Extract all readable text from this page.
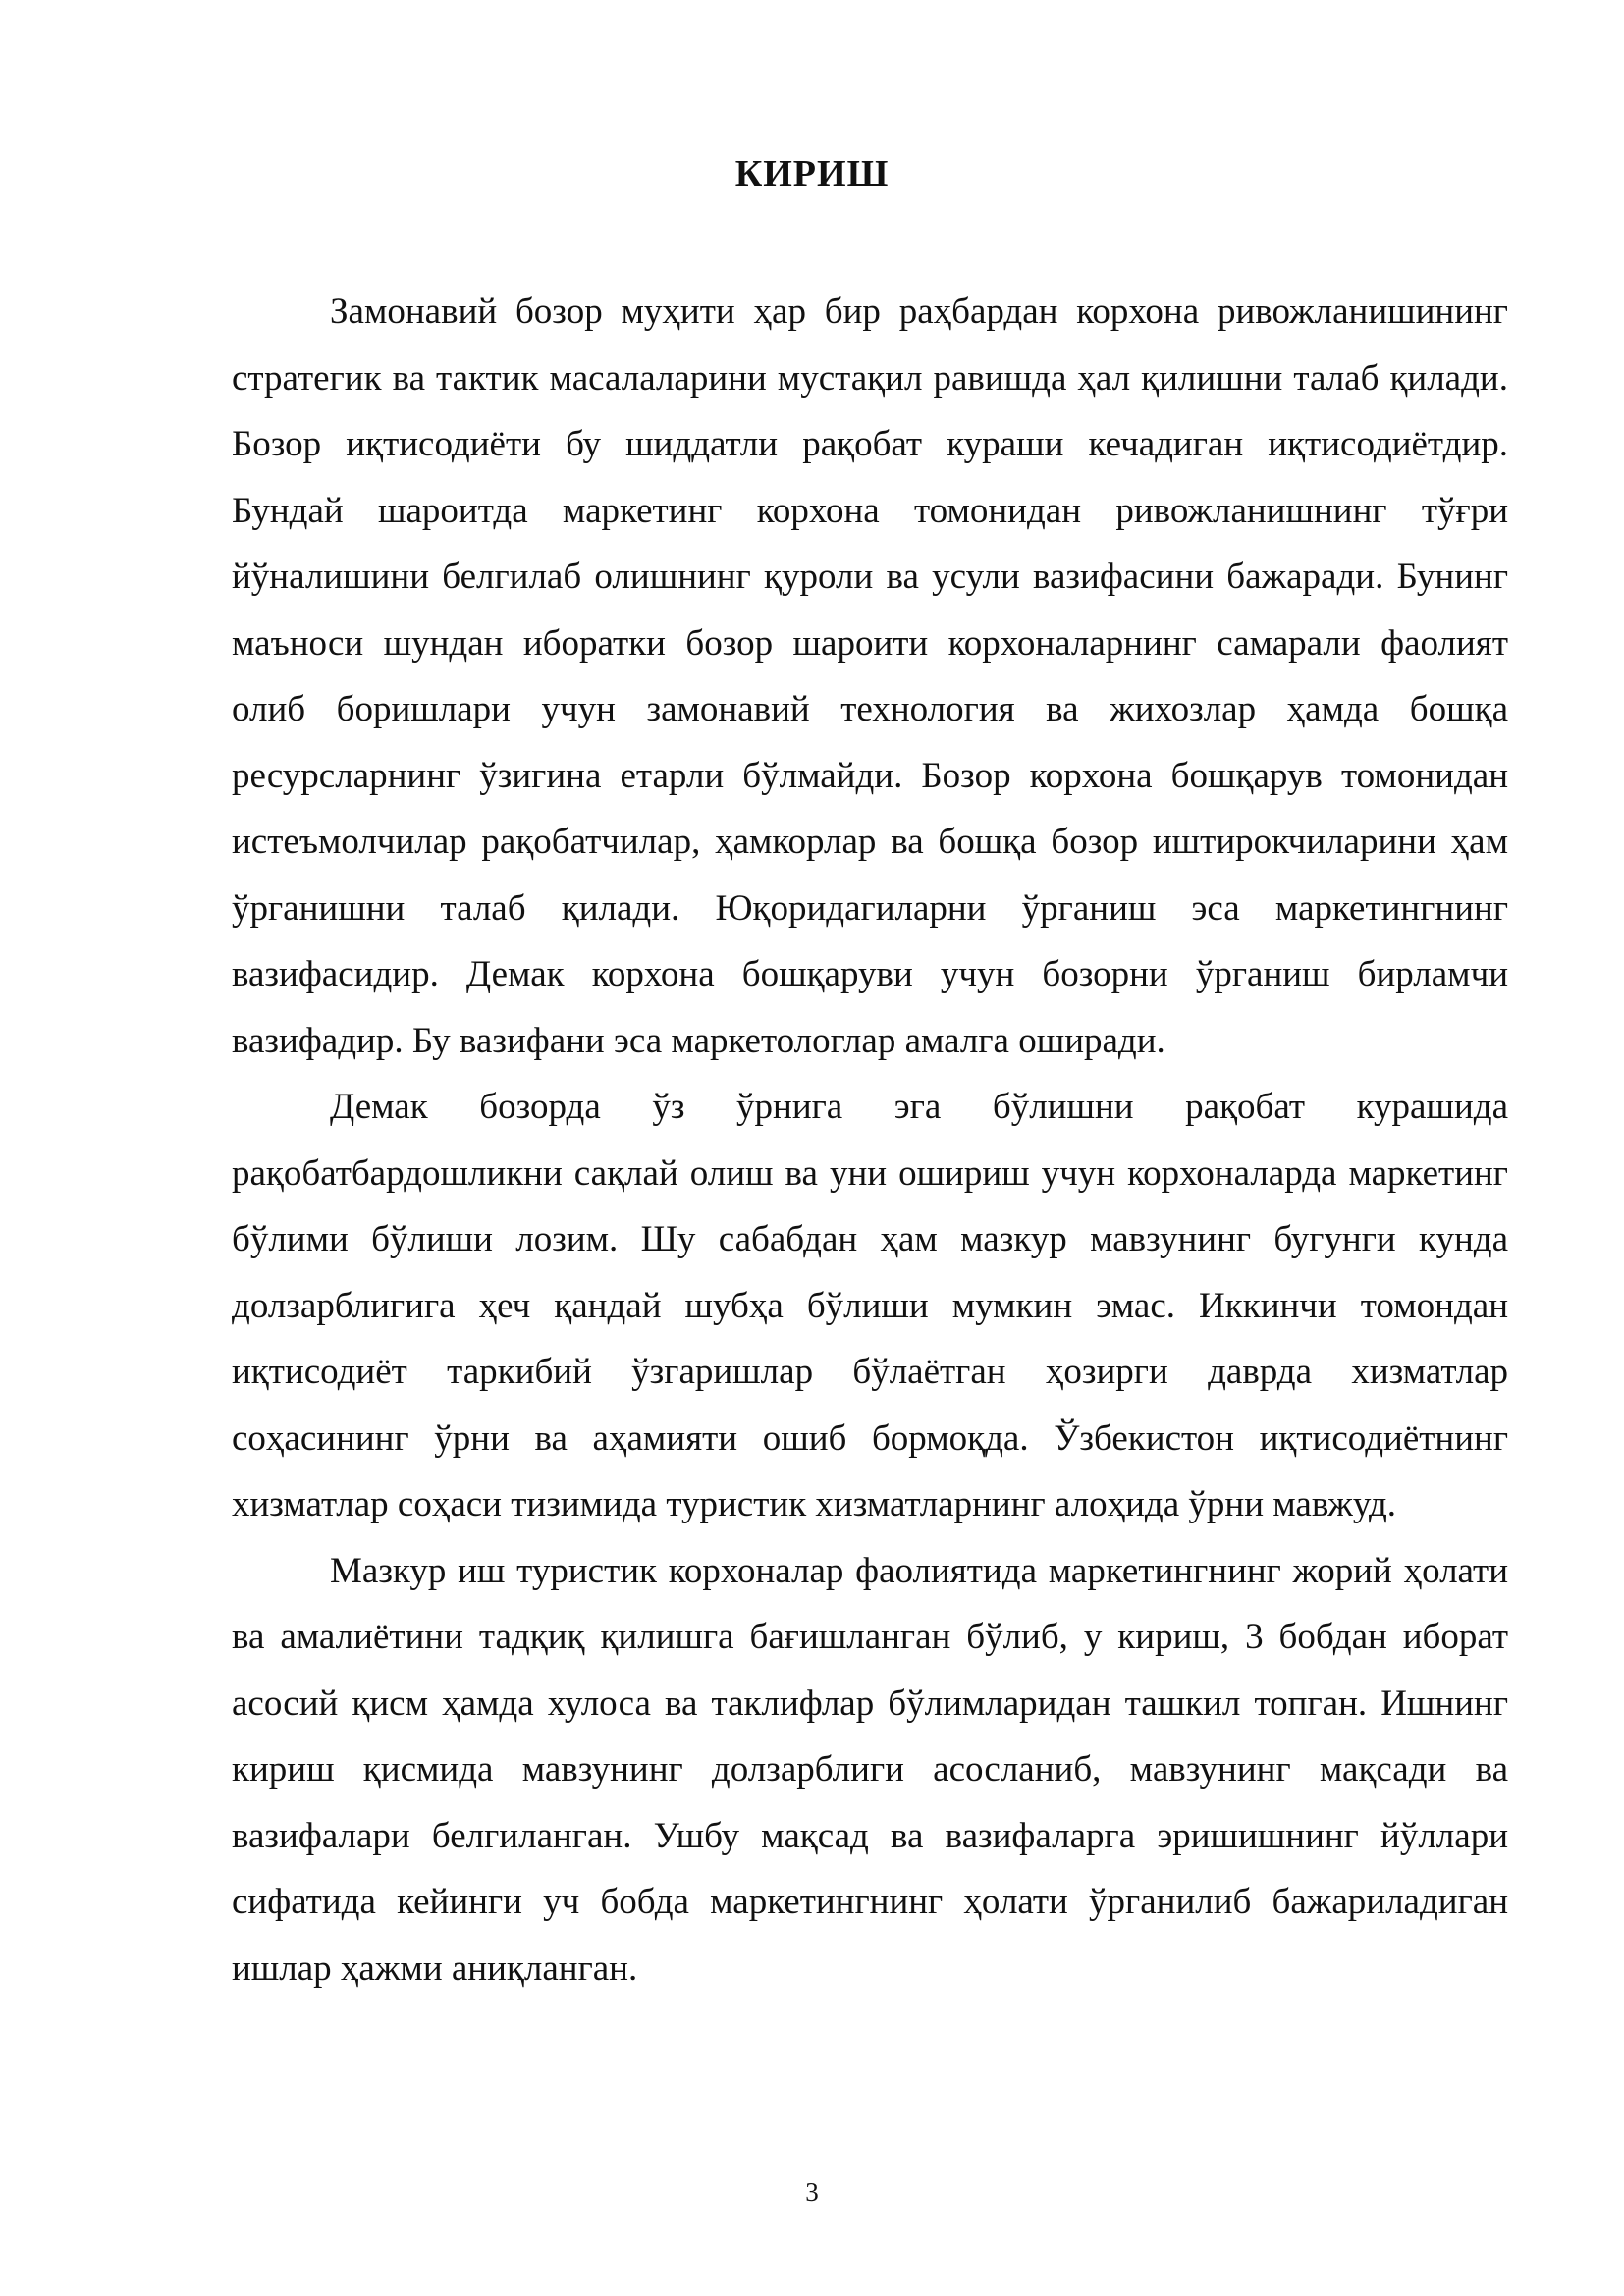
КИРИШ

Замонавий бозор муҳити ҳар бир раҳбардан корхона ривожланишининг стратегик ва тактик масалаларини мустақил равишда ҳал қилишни талаб қилади. Бозор иқтисодиёти бу шиддатли рақобат кураши кечадиган иқтисодиётдир. Бундай шароитда маркетинг корхона томонидан ривожланишнинг тўғри йўналишини белгилаб олишнинг қуроли ва усули вазифасини бажаради. Бунинг маъноси шундан иборатки бозор шароити корхоналарнинг самарали фаолият олиб боришлари учун замонавий технология ва жихозлар ҳамда бошқа ресурсларнинг ўзигина етарли бўлмайди. Бозор корхона бошқарув томонидан истеъмолчилар рақобатчилар, ҳамкорлар ва бошқа бозор иштирокчиларини ҳам ўрганишни талаб қилади. Юқоридагиларни ўрганиш эса маркетингнинг вазифасидир. Демак корхона бошқаруви учун бозорни ўрганиш бирламчи вазифадир. Бу вазифани эса маркетологлар амалга оширади.

Демак бозорда ўз ўрнига эга бўлишни рақобат курашида рақобатбардошликни сақлай олиш ва уни ошириш учун корхоналарда маркетинг бўлими бўлиши лозим. Шу сабабдан ҳам мазкур мавзунинг бугунги кунда долзарблигига ҳеч қандай шубҳа бўлиши мумкин эмас. Иккинчи томондан иқтисодиёт таркибий ўзгаришлар бўлаётган ҳозирги даврда хизматлар соҳасининг ўрни ва аҳамияти ошиб бормоқда. Ўзбекистон иқтисодиётнинг хизматлар соҳаси тизимида туристик хизматларнинг алоҳида ўрни мавжуд.

Мазкур иш туристик корхоналар фаолиятида маркетингнинг жорий ҳолати ва амалиётини тадқиқ қилишга бағишланган бўлиб, у кириш, 3 бобдан иборат асосий қисм ҳамда хулоса ва таклифлар бўлимларидан ташкил топган. Ишнинг кириш қисмида мавзунинг долзарблиги асосланиб, мавзунинг мақсади ва вазифалари белгиланган. Ушбу мақсад ва вазифаларга эришишнинг йўллари сифатида кейинги уч бобда маркетингнинг ҳолати ўрганилиб бажариладиган ишлар ҳажми аниқланган.

3
